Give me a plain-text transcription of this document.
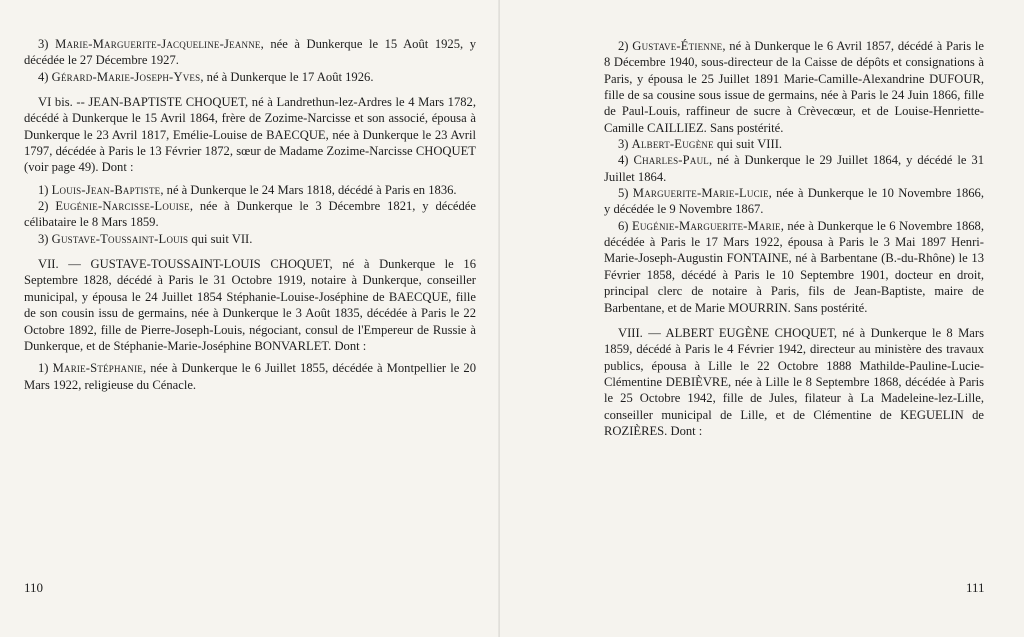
3) Marie-Marguerite-Jacqueline-Jeanne, née à Dunkerque le 15 Août 1925, y décédée le 27 Décembre 1927.

4) Gérard-Marie-Joseph-Yves, né à Dunkerque le 17 Août 1926.

VI bis. -- JEAN-BAPTISTE CHOQUET, né à Landrethun-lez-Ardres le 4 Mars 1782, décédé à Dunkerque le 15 Avril 1864, frère de Zozime-Narcisse et son associé, épousa à Dunkerque le 23 Avril 1817, Emélie-Louise de BAECQUE, née à Dunkerque le 23 Avril 1797, décédée à Paris le 13 Février 1872, sœur de Madame Zozime-Narcisse CHOQUET (voir page 49). Dont :

1) Louis-Jean-Baptiste, né à Dunkerque le 24 Mars 1818, décédé à Paris en 1836.

2) Eugénie-Narcisse-Louise, née à Dunkerque le 3 Décembre 1821, y décédée célibataire le 8 Mars 1859.

3) Gustave-Toussaint-Louis qui suit VII.

VII. — GUSTAVE-TOUSSAINT-LOUIS CHOQUET, né à Dunkerque le 16 Septembre 1828, décédé à Paris le 31 Octobre 1919, notaire à Dunkerque, conseiller municipal, y épousa le 24 Juillet 1854 Stéphanie-Louise-Joséphine de BAECQUE, fille de son cousin issu de germains, née à Dunkerque le 3 Août 1835, décédée à Paris le 22 Octobre 1892, fille de Pierre-Joseph-Louis, négociant, consul de l'Empereur de Russie à Dunkerque, et de Stéphanie-Marie-Joséphine BONVARLET. Dont :

1) Marie-Stéphanie, née à Dunkerque le 6 Juillet 1855, décédée à Montpellier le 20 Mars 1922, religieuse du Cénacle.

110

2) Gustave-Étienne, né à Dunkerque le 6 Avril 1857, décédé à Paris le 8 Décembre 1940, sous-directeur de la Caisse de dépôts et consignations à Paris, y épousa le 25 Juillet 1891 Marie-Camille-Alexandrine DUFOUR, fille de sa cousine sous issue de germains, née à Paris le 24 Juin 1866, fille de Paul-Louis, raffineur de sucre à Crèvecœur, et de Louise-Henriette-Camille CAILLIEZ. Sans postérité.

3) Albert-Eugène qui suit VIII.

4) Charles-Paul, né à Dunkerque le 29 Juillet 1864, y décédé le 31 Juillet 1864.

5) Marguerite-Marie-Lucie, née à Dunkerque le 10 Novembre 1866, y décédée le 9 Novembre 1867.

6) Eugénie-Marguerite-Marie, née à Dunkerque le 6 Novembre 1868, décédée à Paris le 17 Mars 1922, épousa à Paris le 3 Mai 1897 Henri-Marie-Joseph-Augustin FONTAINE, né à Barbentane (B.-du-Rhône) le 13 Février 1858, décédé à Paris le 10 Septembre 1901, docteur en droit, principal clerc de notaire à Paris, fils de Jean-Baptiste, maire de Barbentane, et de Marie MOURRIN. Sans postérité.

VIII. — ALBERT EUGÈNE CHOQUET, né à Dunkerque le 8 Mars 1859, décédé à Paris le 4 Février 1942, directeur au ministère des travaux publics, épousa à Lille le 22 Octobre 1888 Mathilde-Pauline-Lucie-Clémentine DEBIÈVRE, née à Lille le 8 Septembre 1868, décédée à Paris le 25 Octobre 1942, fille de Jules, filateur à La Madeleine-lez-Lille, conseiller municipal de Lille, et de Clémentine de KEGUELIN de ROZIÈRES. Dont :

111
